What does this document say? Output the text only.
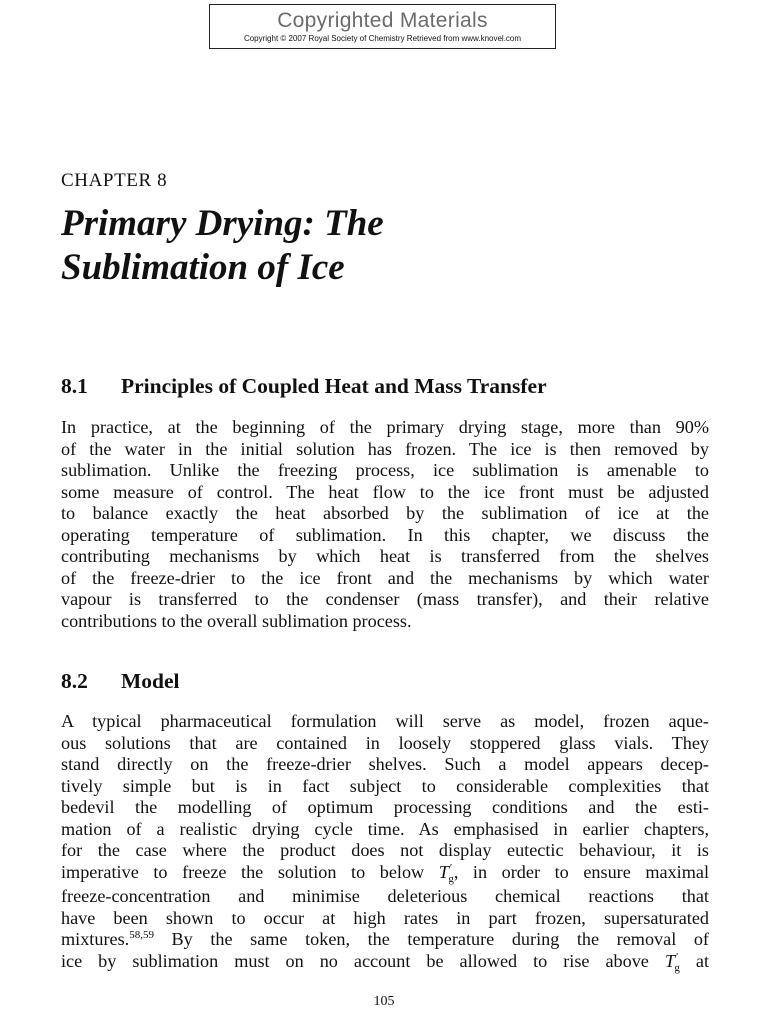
Copyrighted Materials
Copyright © 2007 Royal Society of Chemistry Retrieved from www.knovel.com
CHAPTER 8
Primary Drying: The
Sublimation of Ice
8.1 Principles of Coupled Heat and Mass Transfer

In practice, at the beginning of the primary drying stage, more than 90%
of the water in the initial solution has frozen. The ice is then removed by
sublimation. Unlike the freezing process, ice sublimation is amenable to
some measure of control. The heat flow to the ice front must be adjusted
to balance exactly the heat absorbed by the sublimation of ice at the
operating temperature of sublimation. In this chapter, we discuss the
contributing mechanisms by which heat is transferred from the shelves
of the freeze-drier to the ice front and the mechanisms by which water
vapour is transferred to the condenser (mass transfer), and their relative
contributions to the overall sublimation process.

8.2 Model

A typical pharmaceutical formulation will serve as model, frozen aque-
ous solutions that are contained in loosely stoppered glass vials. They
stand directly on the freeze-drier shelves. Such a model appears decep-
tively simple but is in fact subject to considerable complexities that
bedevil the modelling of optimum processing conditions and the esti-
mation of a realistic drying cycle time. As emphasised in earlier chapters,
for the case where the product does not display eutectic behaviour, it is
imperative to freeze the solution to below $T'_g$, in order to ensure maximal
freeze-concentration and minimise deleterious chemical reactions that
have been shown to occur at high rates in part frozen, supersaturated
mixtures.$^{58,59}$ By the same token, the temperature during the removal of
ice by sublimation must on no account be allowed to rise above $T'_g$ at

105
